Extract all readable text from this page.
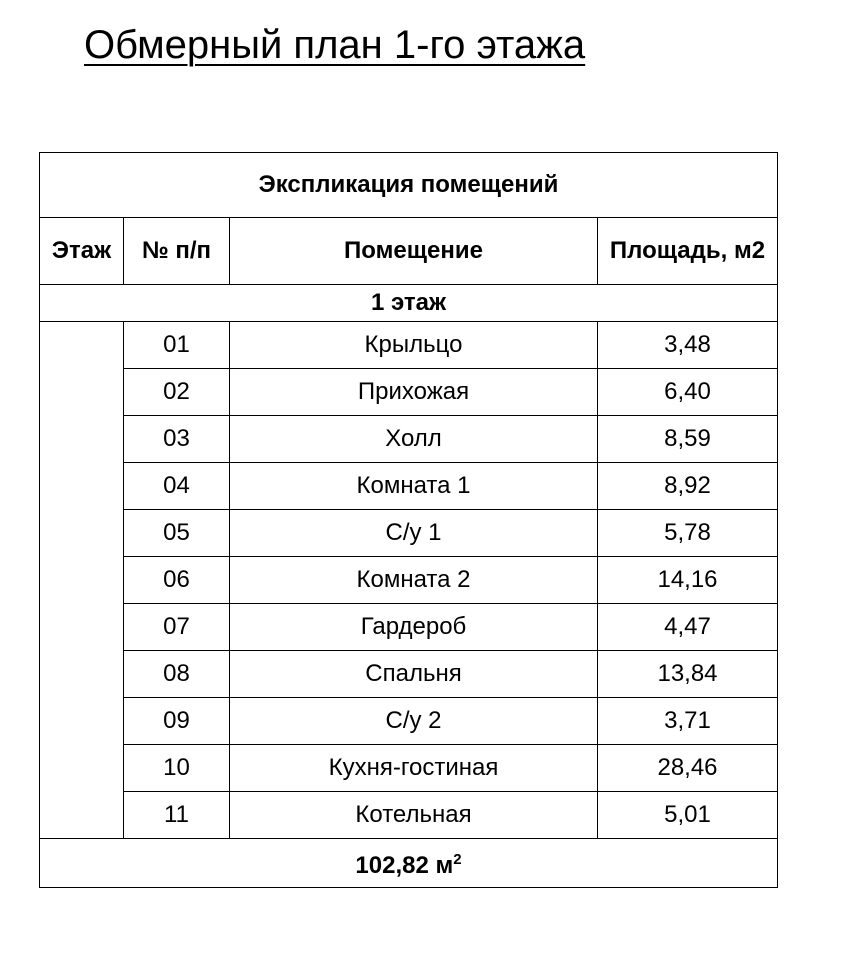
Обмерный план 1-го этажа
Экспликация помещений			
Этаж	№ п/п	Помещение	Площадь, м2
1 этаж			
	01	Крыльцо	3,48
	02	Прихожая	6,40
	03	Холл	8,59
	04	Комната 1	8,92
	05	С/у 1	5,78
	06	Комната 2	14,16
	07	Гардероб	4,47
	08	Спальня	13,84
	09	С/у 2	3,71
	10	Кухня-гостиная	28,46
	11	Котельная	5,01
102,82 $м^2$
